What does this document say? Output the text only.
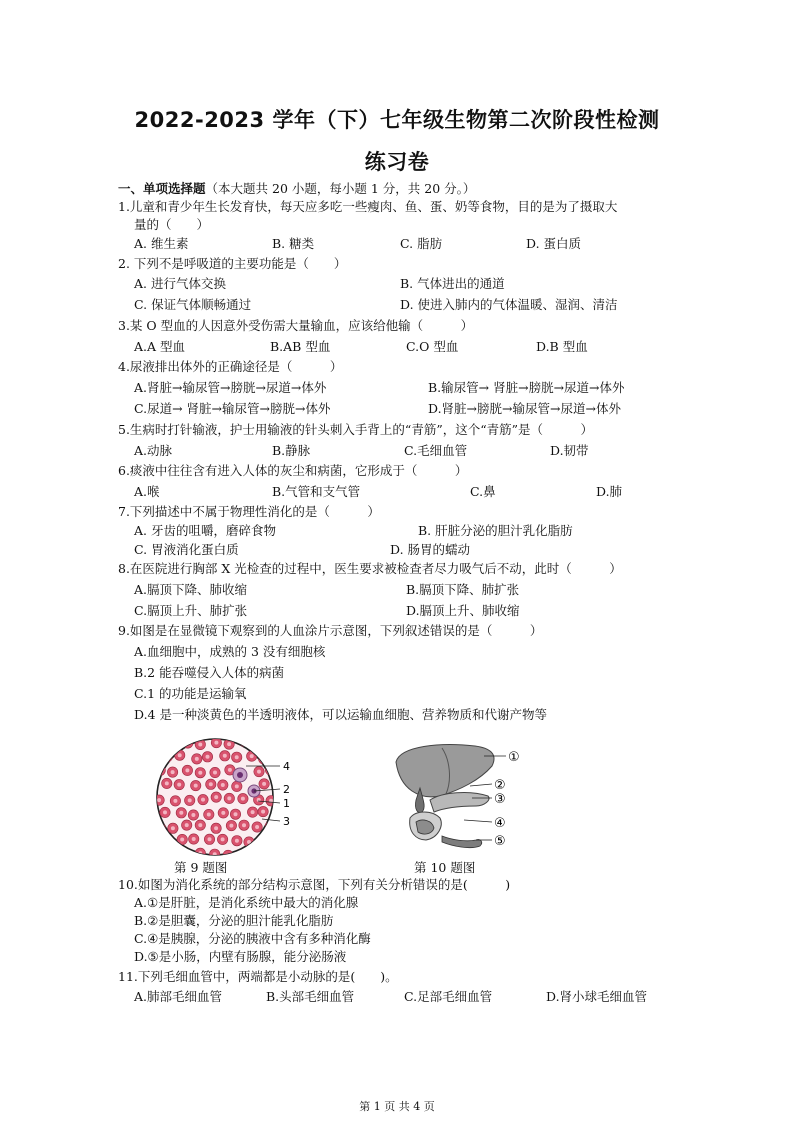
2022-2023 学年（下）七年级生物第二次阶段性检测
练习卷
一、单项选择题（本大题共 20 小题，每小题 1 分，共 20 分。）
1.儿童和青少年生长发育快，每天应多吃一些瘦肉、鱼、蛋、奶等食物，目的是为了摄取大
量的（　　）
A. 维生素	B. 糖类	C. 脂肪	D. 蛋白质
2. 下列不是呼吸道的主要功能是（　　）
A. 进行气体交换	B. 气体进出的通道
C. 保证气体顺畅通过	D. 使进入肺内的气体温暖、湿润、清洁
3.某 O 型血的人因意外受伤需大量输血，应该给他输（　　　）
A.A 型血	B.AB 型血	C.O 型血	D.B 型血
4.尿液排出体外的正确途径是（　　　）
A.肾脏→输尿管→膀胱→尿道→体外	B.输尿管→ 肾脏→膀胱→尿道→体外
C.尿道→ 肾脏→输尿管→膀胱→体外	D.肾脏→膀胱→输尿管→尿道→体外
5.生病时打针输液，护士用输液的针头刺入手背上的“青筋”，这个“青筋”是（　　　）
A.动脉	B.静脉	C.毛细血管	D.韧带
6.痰液中往往含有进入人体的灰尘和病菌，它形成于（　　　）
A.喉	B.气管和支气管	C.鼻	D.肺
7.下列描述中不属于物理性消化的是（　　　）
A. 牙齿的咀嚼，磨碎食物	B. 肝脏分泌的胆汁乳化脂肪
C. 胃液消化蛋白质	D. 肠胃的蠕动
8.在医院进行胸部 X 光检查的过程中，医生要求被检查者尽力吸气后不动，此时（　　　）
A.膈顶下降、肺收缩	B.膈顶下降、肺扩张
C.膈顶上升、肺扩张	D.膈顶上升、肺收缩
9.如图是在显微镜下观察到的人血涂片示意图，下列叙述错误的是（　　　）
A.血细胞中，成熟的 3 没有细胞核
B.2 能吞噬侵入人体的病菌
C.1 的功能是运输氧
D.4 是一种淡黄色的半透明液体，可以运输血细胞、营养物质和代谢产物等
4
2
1
3
①
②
③
④
⑤
第 9 题图	第 10 题图
10.如图为消化系统的部分结构示意图，下列有关分析错误的是(　　　)
A.①是肝脏，是消化系统中最大的消化腺
B.②是胆囊，分泌的胆汁能乳化脂肪
C.④是胰腺，分泌的胰液中含有多种消化酶
D.⑤是小肠，内壁有肠腺，能分泌肠液
11.下列毛细血管中，两端都是小动脉的是(　　)。
A.肺部毛细血管	B.头部毛细血管	C.足部毛细血管	D.肾小球毛细血管
第 1 页 共 4 页
